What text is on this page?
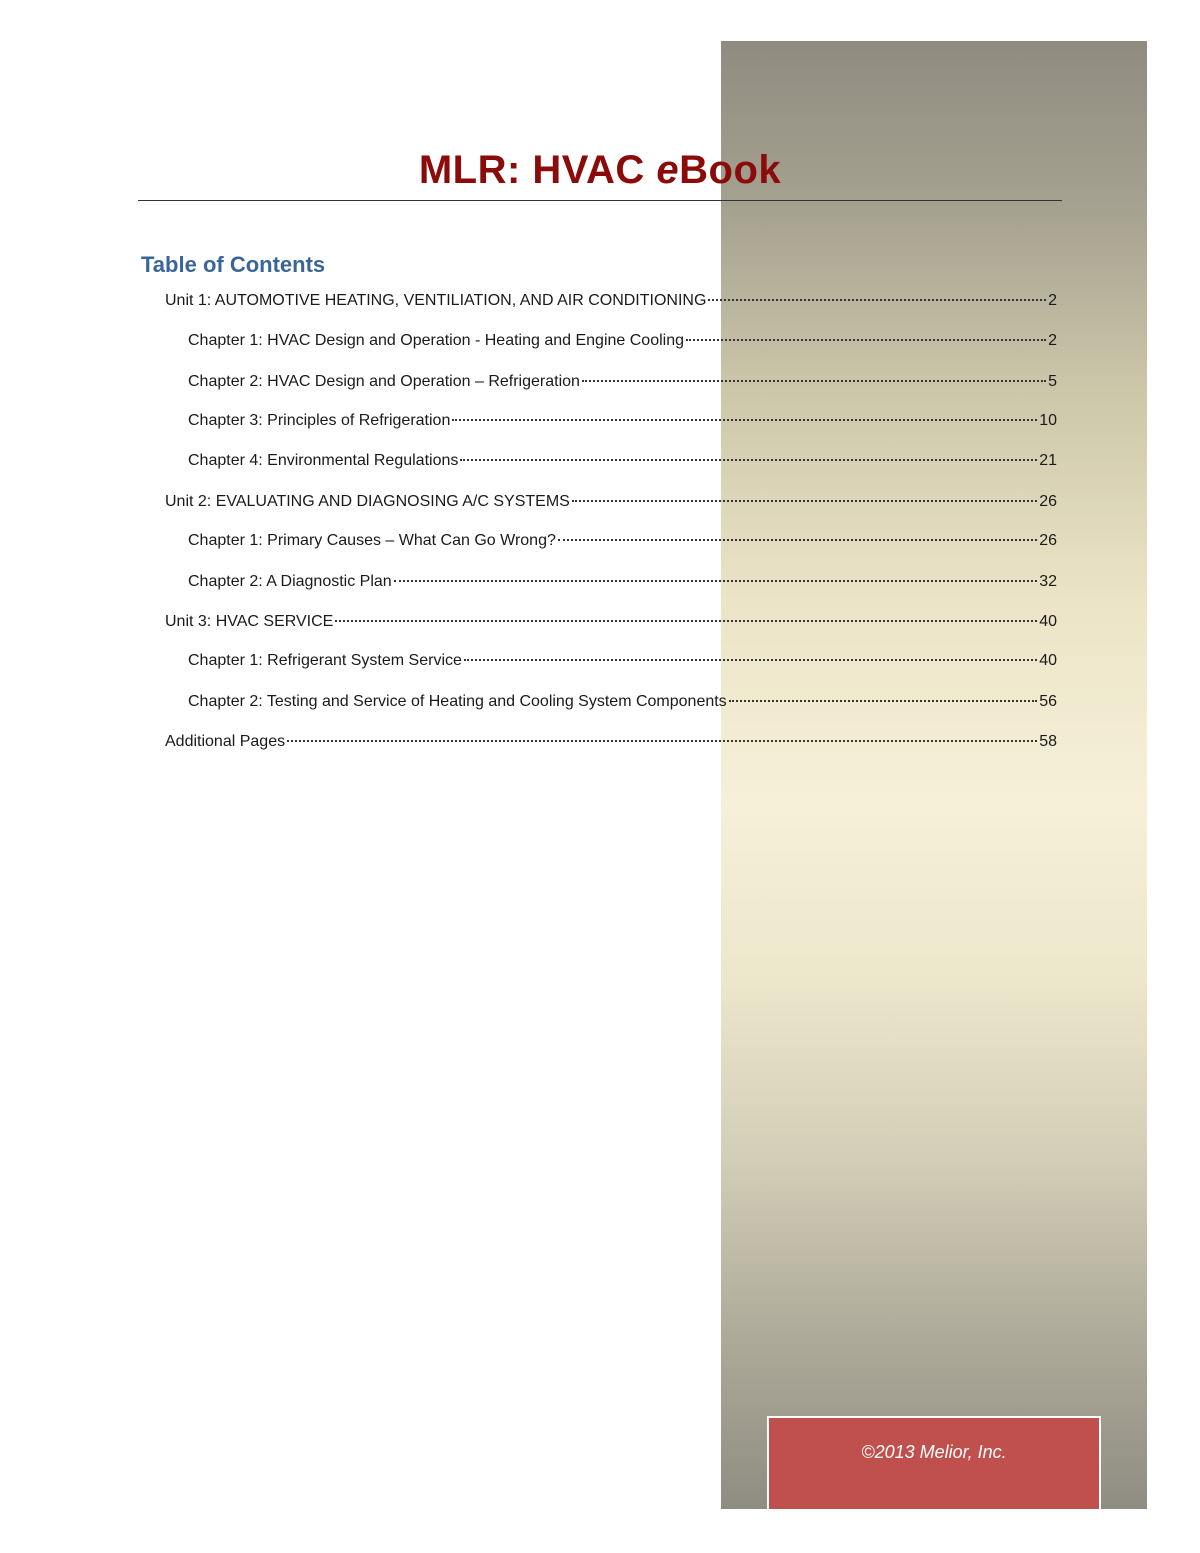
MLR: HVAC eBook
Table of Contents
Unit 1: AUTOMOTIVE HEATING, VENTILIATION, AND AIR CONDITIONING	2
Chapter 1: HVAC Design and Operation - Heating and Engine Cooling	2
Chapter 2: HVAC Design and Operation – Refrigeration	5
Chapter 3: Principles of Refrigeration	10
Chapter 4: Environmental Regulations	21
Unit 2: EVALUATING AND DIAGNOSING A/C SYSTEMS	26
Chapter 1: Primary Causes – What Can Go Wrong?	26
Chapter 2: A Diagnostic Plan	32
Unit 3: HVAC SERVICE	40
Chapter 1: Refrigerant System Service	40
Chapter 2: Testing and Service of Heating and Cooling System Components	56
Additional Pages	58
©2013 Melior, Inc.
